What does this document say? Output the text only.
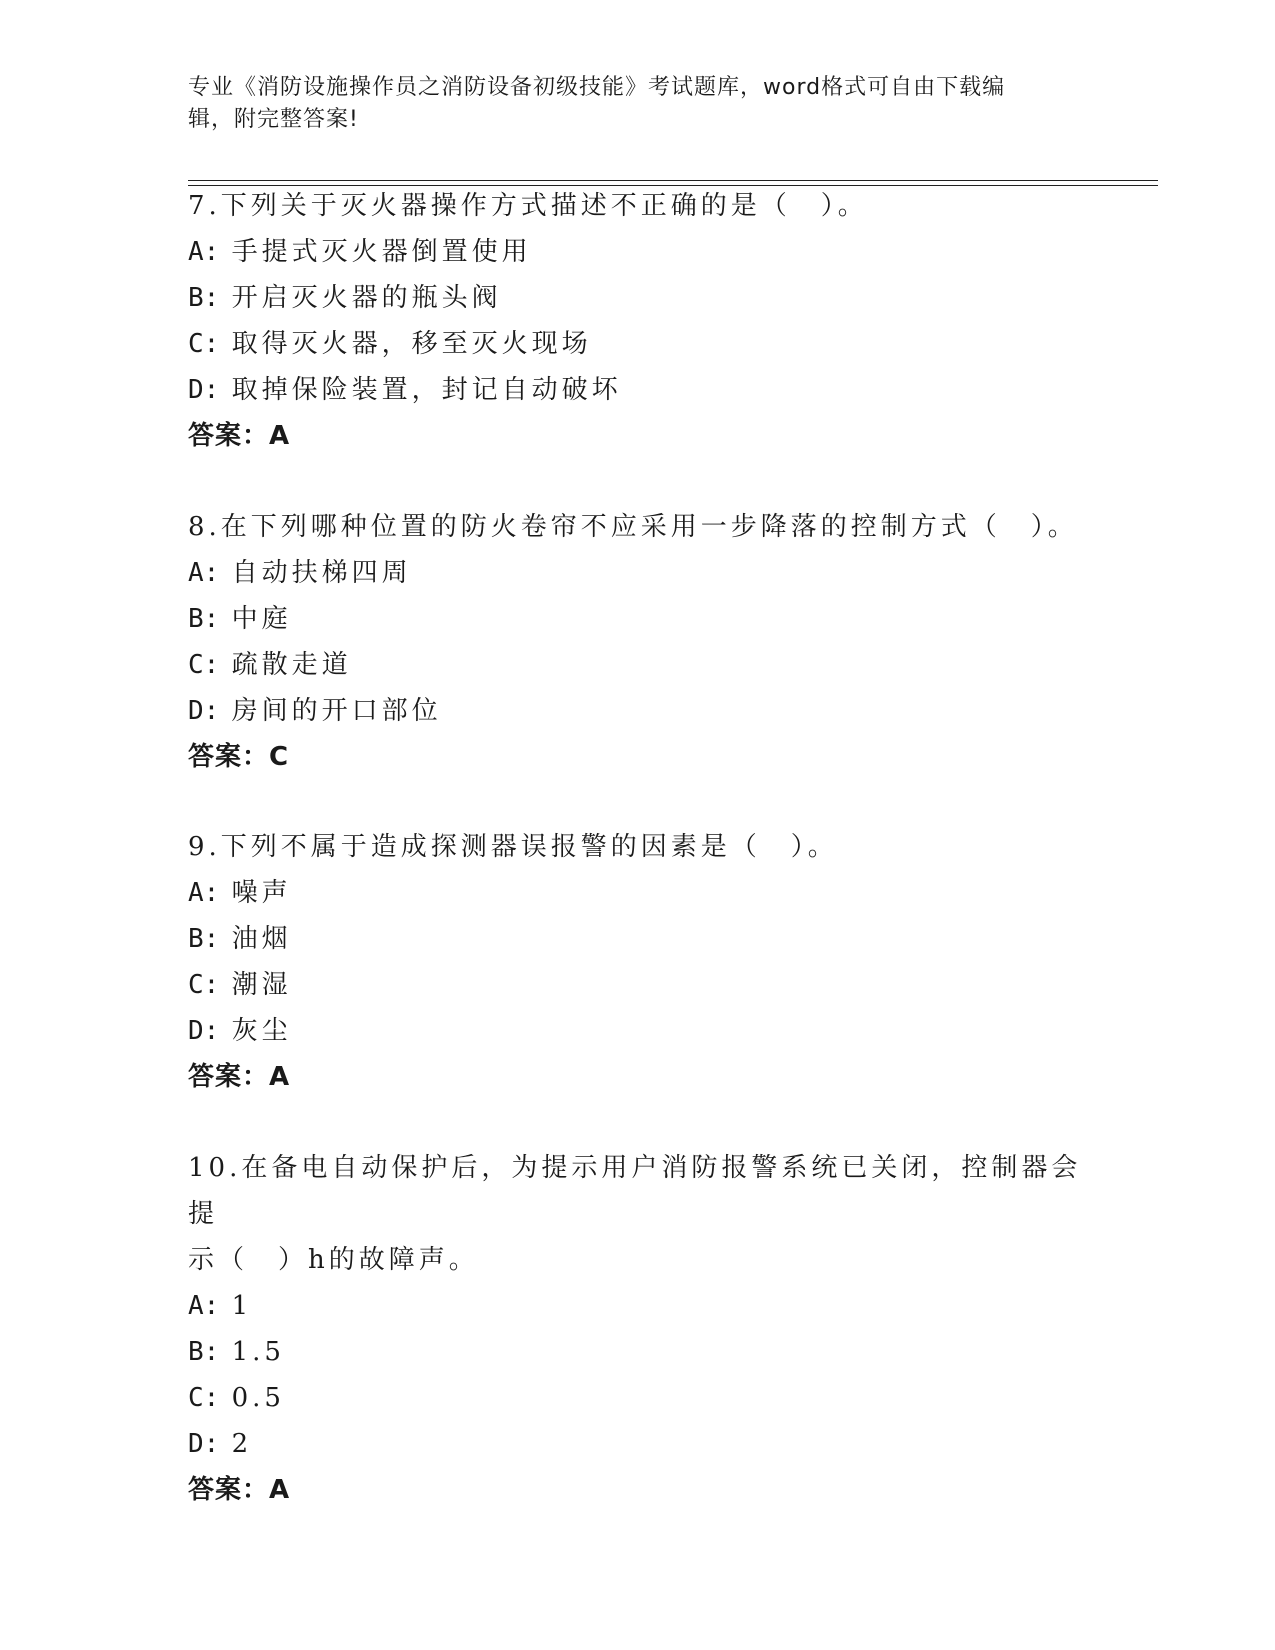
专业《消防设施操作员之消防设备初级技能》考试题库，word格式可自由下载编
辑，附完整答案!
7.下列关于灭火器操作方式描述不正确的是（　）。
A: 手提式灭火器倒置使用
B: 开启灭火器的瓶头阀
C: 取得灭火器，移至灭火现场
D: 取掉保险装置，封记自动破坏
答案：A
8.在下列哪种位置的防火卷帘不应采用一步降落的控制方式（　）。
A: 自动扶梯四周
B: 中庭
C: 疏散走道
D: 房间的开口部位
答案：C
9.下列不属于造成探测器误报警的因素是（　）。
A: 噪声
B: 油烟
C: 潮湿
D: 灰尘
答案：A
10.在备电自动保护后，为提示用户消防报警系统已关闭，控制器会提
示（　）h的故障声。
A: 1
B: 1.5
C: 0.5
D: 2
答案：A
